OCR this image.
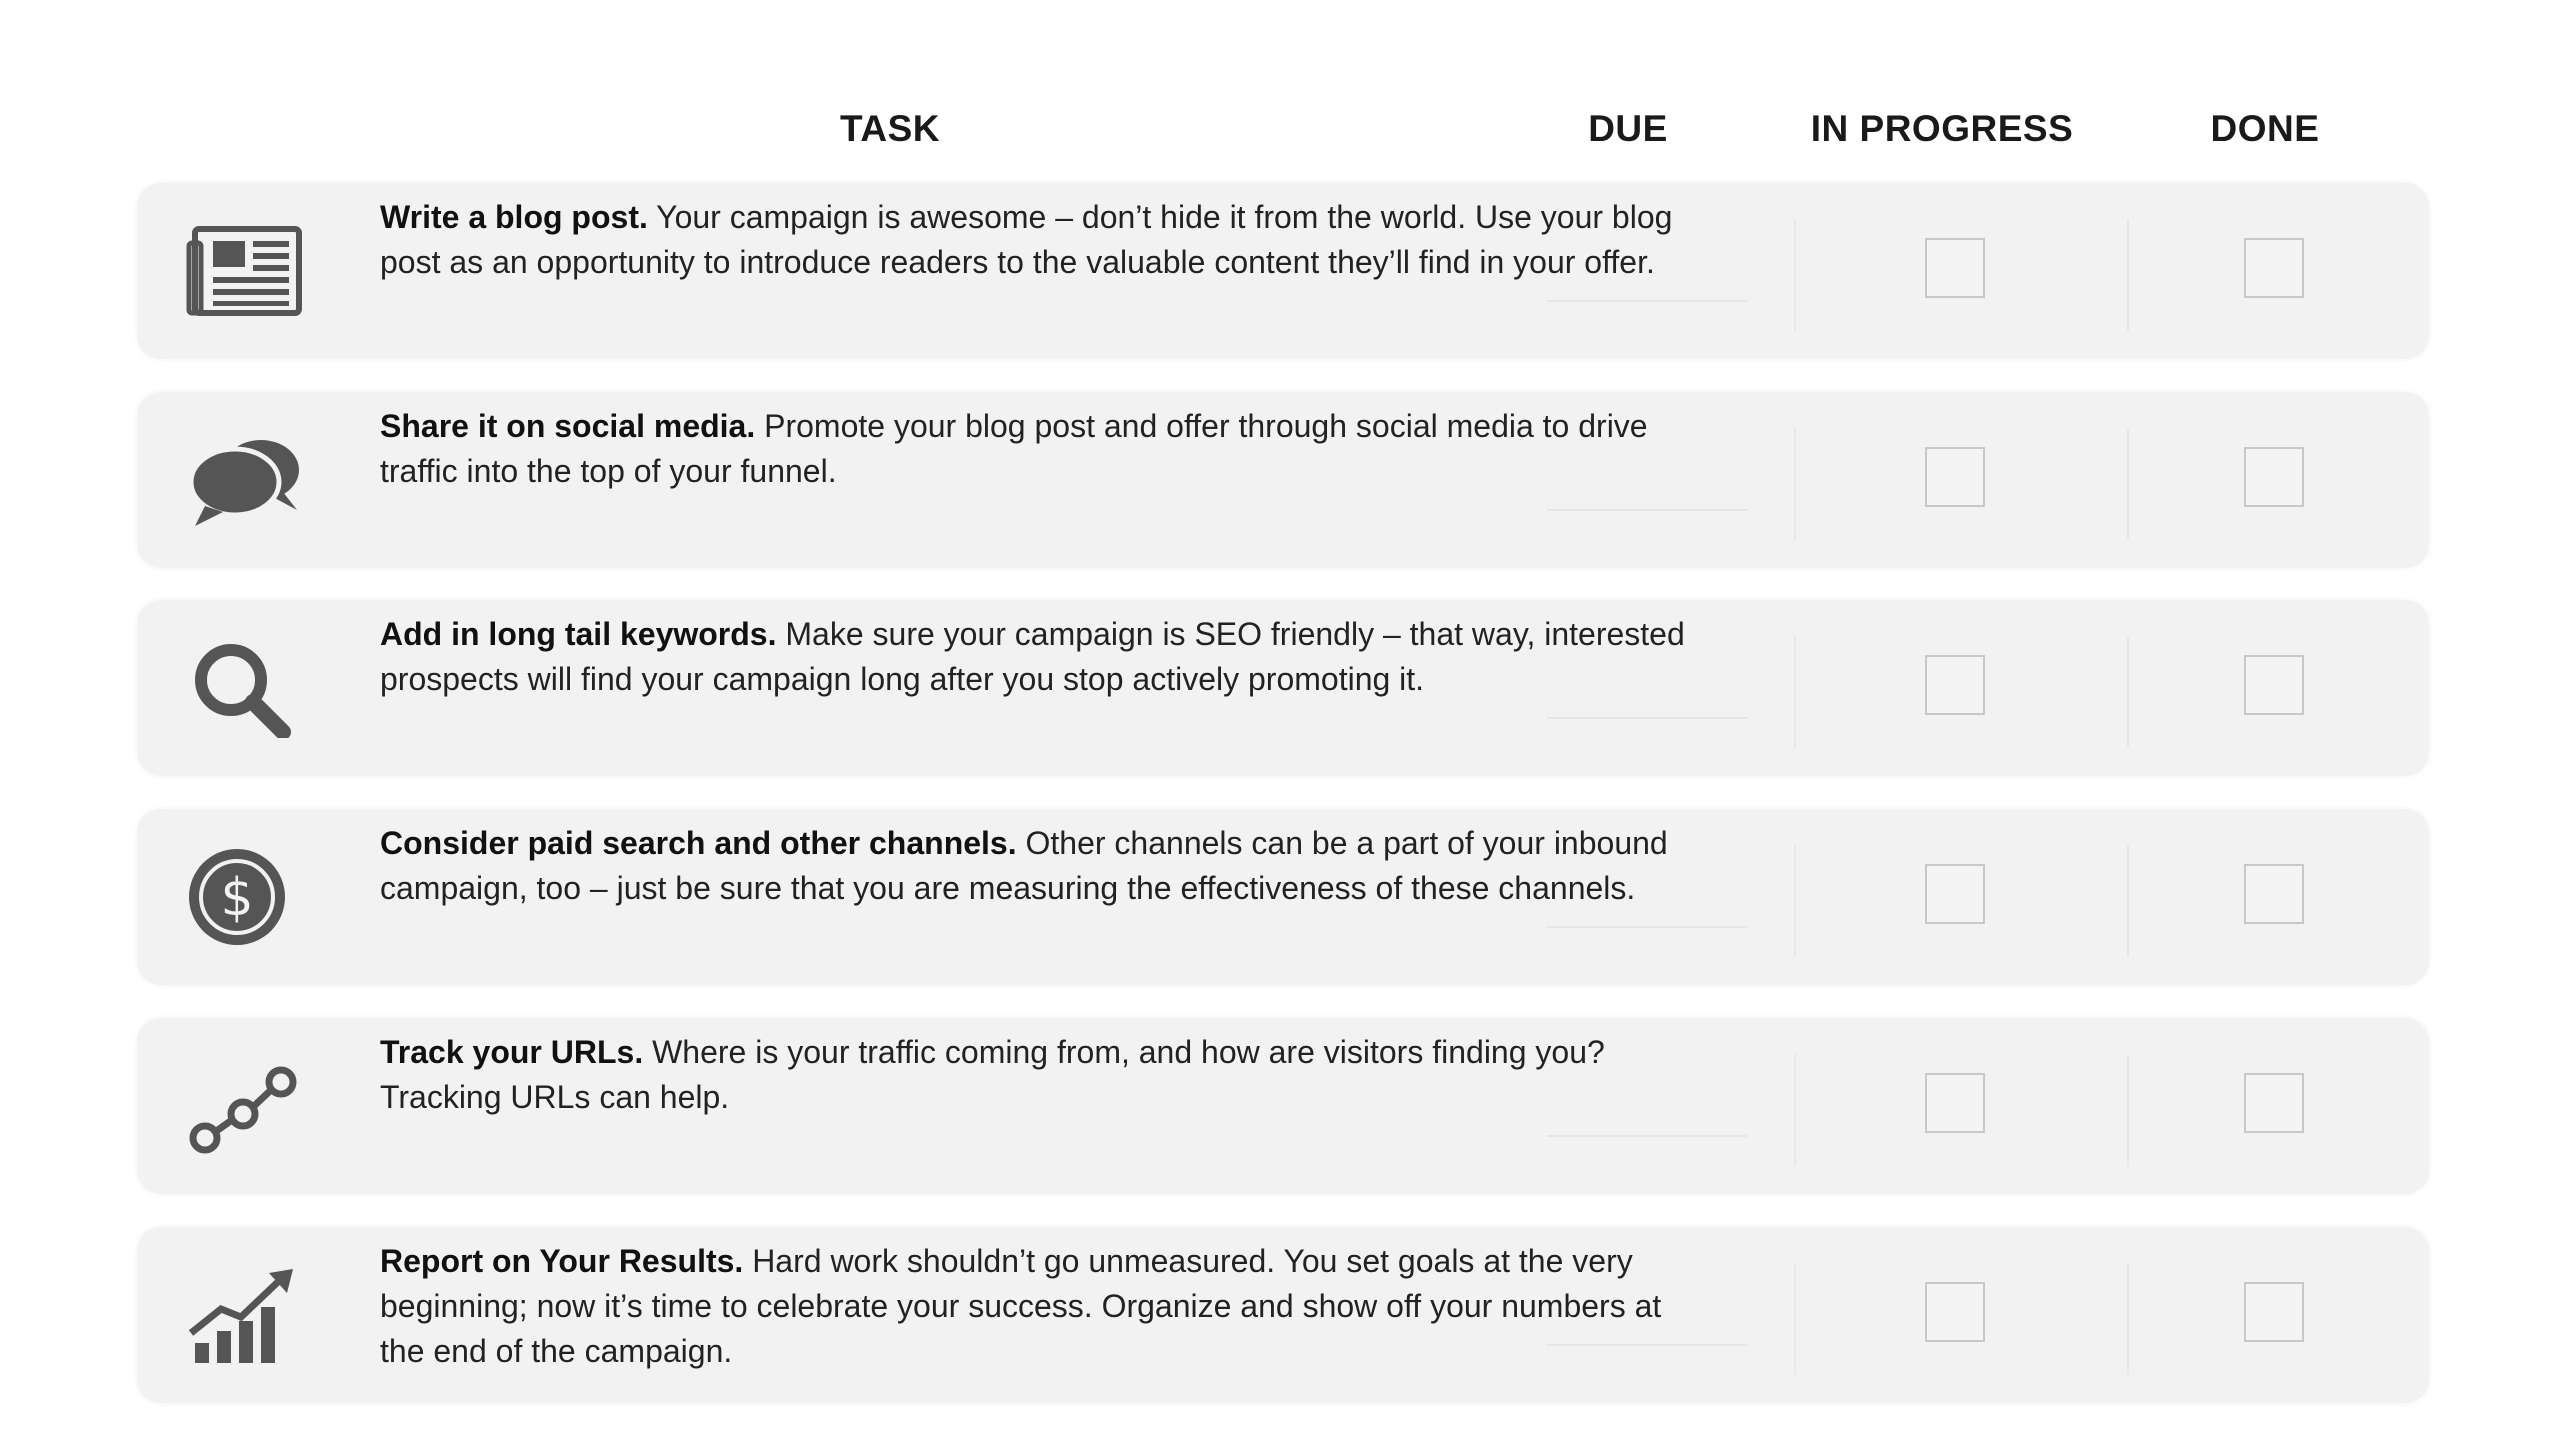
TASK	DUE	IN PROGRESS	DONE
Write a blog post. Your campaign is awesome – don’t hide it from the world. Use your blog post as an opportunity to introduce readers to the valuable content they’ll find in your offer.
Share it on social media. Promote your blog post and offer through social media to drive traffic into the top of your funnel.
Add in long tail keywords. Make sure your campaign is SEO friendly – that way, interested prospects will find your campaign long after you stop actively promoting it.
$
Consider paid search and other channels. Other channels can be a part of your inbound campaign, too – just be sure that you are measuring the effectiveness of these channels.
Track your URLs. Where is your traffic coming from, and how are visitors finding you? Tracking URLs can help.
Report on Your Results. Hard work shouldn’t go unmeasured. You set goals at the very beginning; now it’s time to celebrate your success. Organize and show off your numbers at the end of the campaign.
